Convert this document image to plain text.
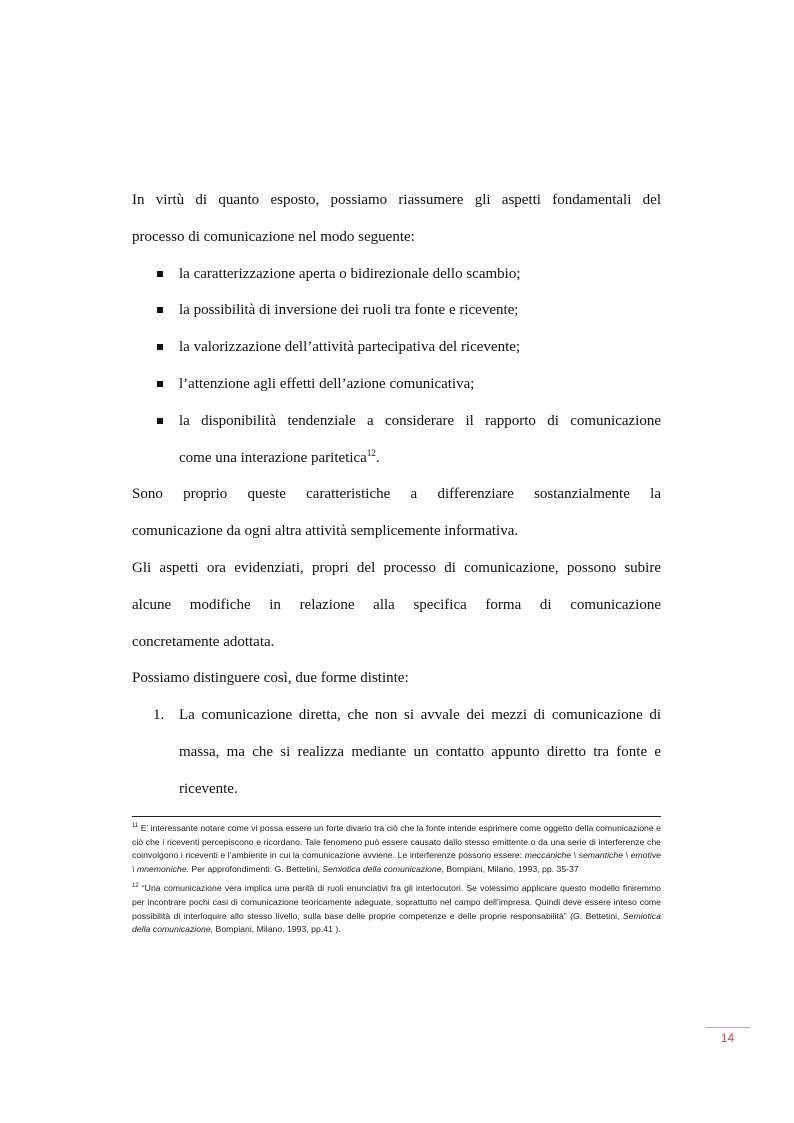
In virtù di quanto esposto, possiamo riassumere gli aspetti fondamentali del

processo di comunicazione nel modo seguente:

la caratterizzazione aperta o bidirezionale dello scambio;
la possibilità di inversione dei ruoli tra fonte e ricevente;
la valorizzazione dell’attività partecipativa del ricevente;
l’attenzione agli effetti dell’azione comunicativa;
la disponibilità tendenziale a considerare il rapporto di comunicazione
come una interazione paritetica$^{12}$.

Sono proprio queste caratteristiche a differenziare sostanzialmente la

comunicazione da ogni altra attività semplicemente informativa.

Gli aspetti ora evidenziati, propri del processo di comunicazione, possono subire

alcune modifiche in relazione alla specifica forma di comunicazione

concretamente adottata.

Possiamo distinguere così, due forme distinte:

1. La comunicazione diretta, che non si avvale dei mezzi di comunicazione di
massa, ma che si realizza mediante un contatto appunto diretto tra fonte e
ricevente.

$^{11}$ E’ interessante notare come vi possa essere un forte divario tra ciò che la fonte intende esprimere come oggetto della comunicazione e ciò che i riceventi percepiscono e ricordano. Tale fenomeno può essere causato dallo stesso emittente o da una serie di interferenze che coinvolgono i riceventi e l’ambiente in cui la comunicazione avviene. Le interferenze possono essere: meccaniche \ semantiche \ emotive \ mnemoniche. Per approfondimenti: G. Bettetini, Semiotica della comunicazione, Bompiani, Milano, 1993, pp. 35-37

$^{12}$ “Una comunicazione vera implica una parità di ruoli enunciativi fra gli interlocutori. Se volessimo applicare questo modello finiremmo per incontrare pochi casi di comunicazione teoricamente adeguate, soprattutto nel campo dell’impresa. Quindi deve essere inteso come possibilità di interloquire allo stesso livello, sulla base delle proprie competenze e delle proprie responsabilità” (G. Bettetini, Semiotica della comunicazione, Bompiani, Milano, 1993, pp.41 ).

14
